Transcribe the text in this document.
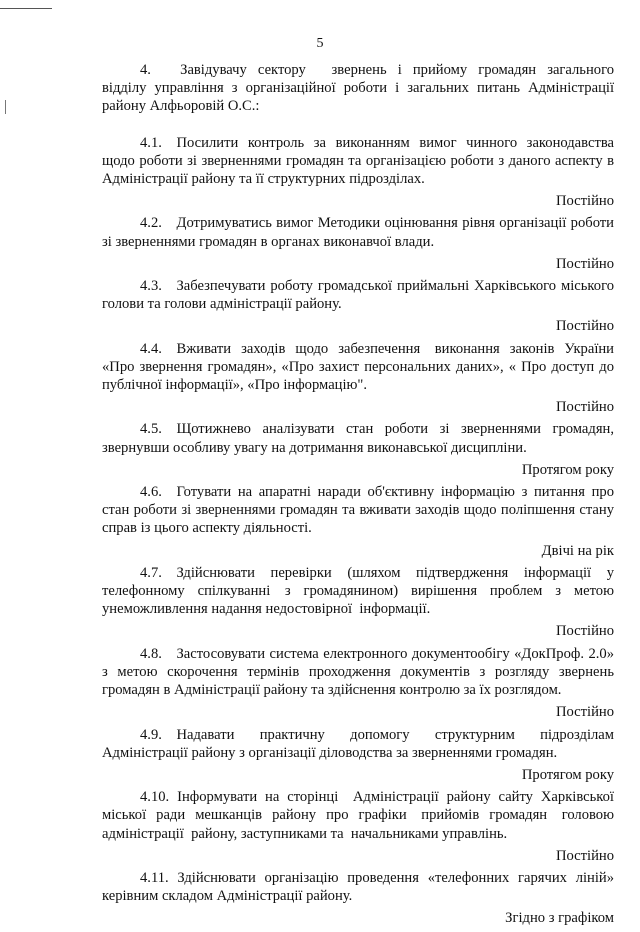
5

4.  Завідувачу сектору  звернень і прийому громадян загального відділу управління з організаційної роботи і загальних питань Адміністрації району Алфьоровій О.С.:

4.1. Посилити контроль за виконанням вимог чинного законодавства щодо роботи зі зверненнями громадян та організацією роботи з даного аспекту в Адміністрації району та її структурних підрозділах.

Постійно

4.2. Дотримуватись вимог Методики оцінювання рівня організації роботи зі зверненнями громадян в органах виконавчої влади.

Постійно

4.3. Забезпечувати роботу громадської приймальні Харківського міського голови та голови адміністрації району.

Постійно

4.4. Вживати заходів щодо забезпечення виконання законів України «Про звернення громадян», «Про захист персональних даних», « Про доступ до публічної інформації», «Про інформацію".

Постійно

4.5. Щотижнево аналізувати стан роботи зі зверненнями громадян, звернувши особливу увагу на дотримання виконавської дисципліни.

Протягом року

4.6. Готувати на апаратні наради об'єктивну інформацію з питання про стан роботи зі зверненнями громадян та вживати заходів щодо поліпшення стану справ із цього аспекту діяльності.

Двічі на рік

4.7. Здійснювати перевірки (шляхом підтвердження інформації у телефонному спілкуванні з громадянином) вирішення проблем з метою унеможливлення надання недостовірної інформації.

Постійно

4.8. Застосовувати система електронного документообігу «ДокПроф. 2.0» з метою скорочення термінів проходження документів з розгляду звернень громадян в Адміністрації району та здійснення контролю за їх розглядом.

Постійно

4.9. Надавати практичну допомогу структурним підрозділам Адміністрації району з організації діловодства за зверненнями громадян.

Протягом року

4.10. Інформувати на сторінці Адміністрації району сайту Харківської міської ради мешканців району про графіки прийомів громадян головою адміністрації району, заступниками та начальниками управлінь.

Постійно

4.11. Здійснювати організацію проведення «телефонних гарячих ліній» керівним складом Адміністрації району.

Згідно з графіком
